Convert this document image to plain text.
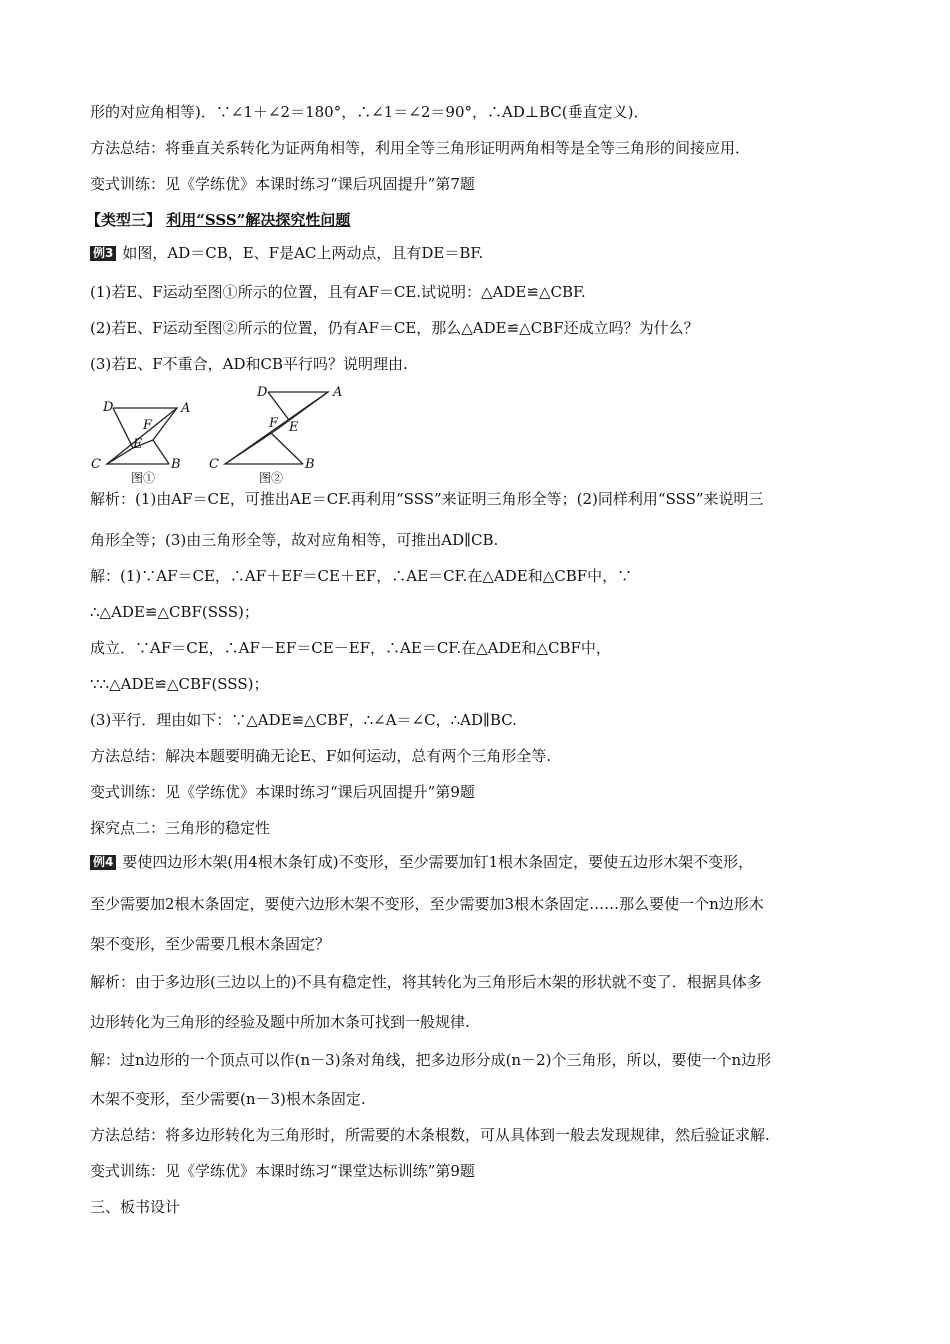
形的对应角相等)．∵∠1＋∠2＝180°，∴∠1＝∠2＝90°，∴AD⊥BC(垂直定义)．
方法总结：将垂直关系转化为证两角相等，利用全等三角形证明两角相等是全等三角形的间接应用．
变式训练：见《学练优》本课时练习“课后巩固提升”第7题
【类型三】 利用“SSS”解决探究性问题
例3 如图，AD＝CB，E、F是AC上两动点，且有DE＝BF.
(1)若E、F运动至图①所示的位置，且有AF＝CE.试说明：△ADE≌△CBF.
(2)若E、F运动至图②所示的位置，仍有AF＝CE，那么△ADE≌△CBF还成立吗？为什么？
(3)若E、F不重合，AD和CB平行吗？说明理由.
D	A
F
E
C	B
D	A
F E
C	B
图①	图②
解析：(1)由AF＝CE，可推出AE＝CF.再利用“SSS”来证明三角形全等；(2)同样利用“SSS”来说明三
角形全等；(3)由三角形全等，故对应角相等，可推出AD∥CB.
解：(1)∵AF＝CE，∴AF＋EF＝CE＋EF，∴AE＝CF.在△ADE和△CBF中，∵
∴△ADE≌△CBF(SSS)；
成立．∵AF＝CE，∴AF－EF＝CE－EF，∴AE＝CF.在△ADE和△CBF中，
∵∴△ADE≌△CBF(SSS)；
(3)平行．理由如下：∵△ADE≌△CBF，∴∠A＝∠C，∴AD∥BC.
方法总结：解决本题要明确无论E、F如何运动，总有两个三角形全等.
变式训练：见《学练优》本课时练习“课后巩固提升”第9题
探究点二：三角形的稳定性
例4 要使四边形木架(用4根木条钉成)不变形，至少需要加钉1根木条固定，要使五边形木架不变形，
至少需要加2根木条固定，要使六边形木架不变形，至少需要加3根木条固定……那么要使一个n边形木
架不变形，至少需要几根木条固定？
解析：由于多边形(三边以上的)不具有稳定性，将其转化为三角形后木架的形状就不变了．根据具体多
边形转化为三角形的经验及题中所加木条可找到一般规律.
解：过n边形的一个顶点可以作(n－3)条对角线，把多边形分成(n－2)个三角形，所以，要使一个n边形
木架不变形，至少需要(n－3)根木条固定.
方法总结：将多边形转化为三角形时，所需要的木条根数，可从具体到一般去发现规律，然后验证求解.
变式训练：见《学练优》本课时练习“课堂达标训练”第9题
三、板书设计
